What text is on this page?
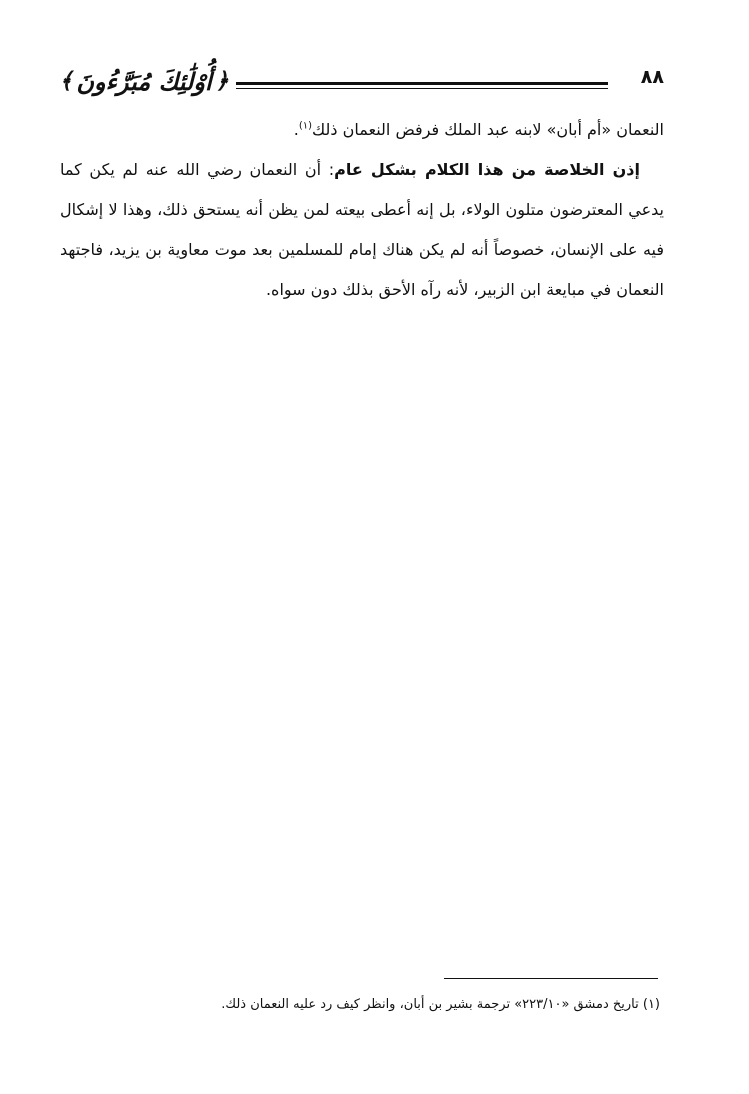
﴿
أُوْلَٰئِكَ مُبَرَّءُونَ
﴾	٨٨

النعمان «أم أبان» لابنه عبد الملك فرفض النعمان ذلك$^{(١)}$.

إذن الخلاصة من هذا الكلام بشكل عام: أن النعمان رضي الله عنه لم يكن كما يدعي المعترضون متلون الولاء، بل إنه أعطى بيعته لمن يظن أنه يستحق ذلك، وهذا لا إشكال فيه على الإنسان، خصوصاً أنه لم يكن هناك إمام للمسلمين بعد موت معاوية بن يزيد، فاجتهد النعمان في مبايعة ابن الزبير، لأنه رآه الأحق بذلك دون سواه.

(١) تاريخ دمشق «٢٢٣/١٠» ترجمة بشير بن أبان، وانظر كيف رد عليه النعمان ذلك.
